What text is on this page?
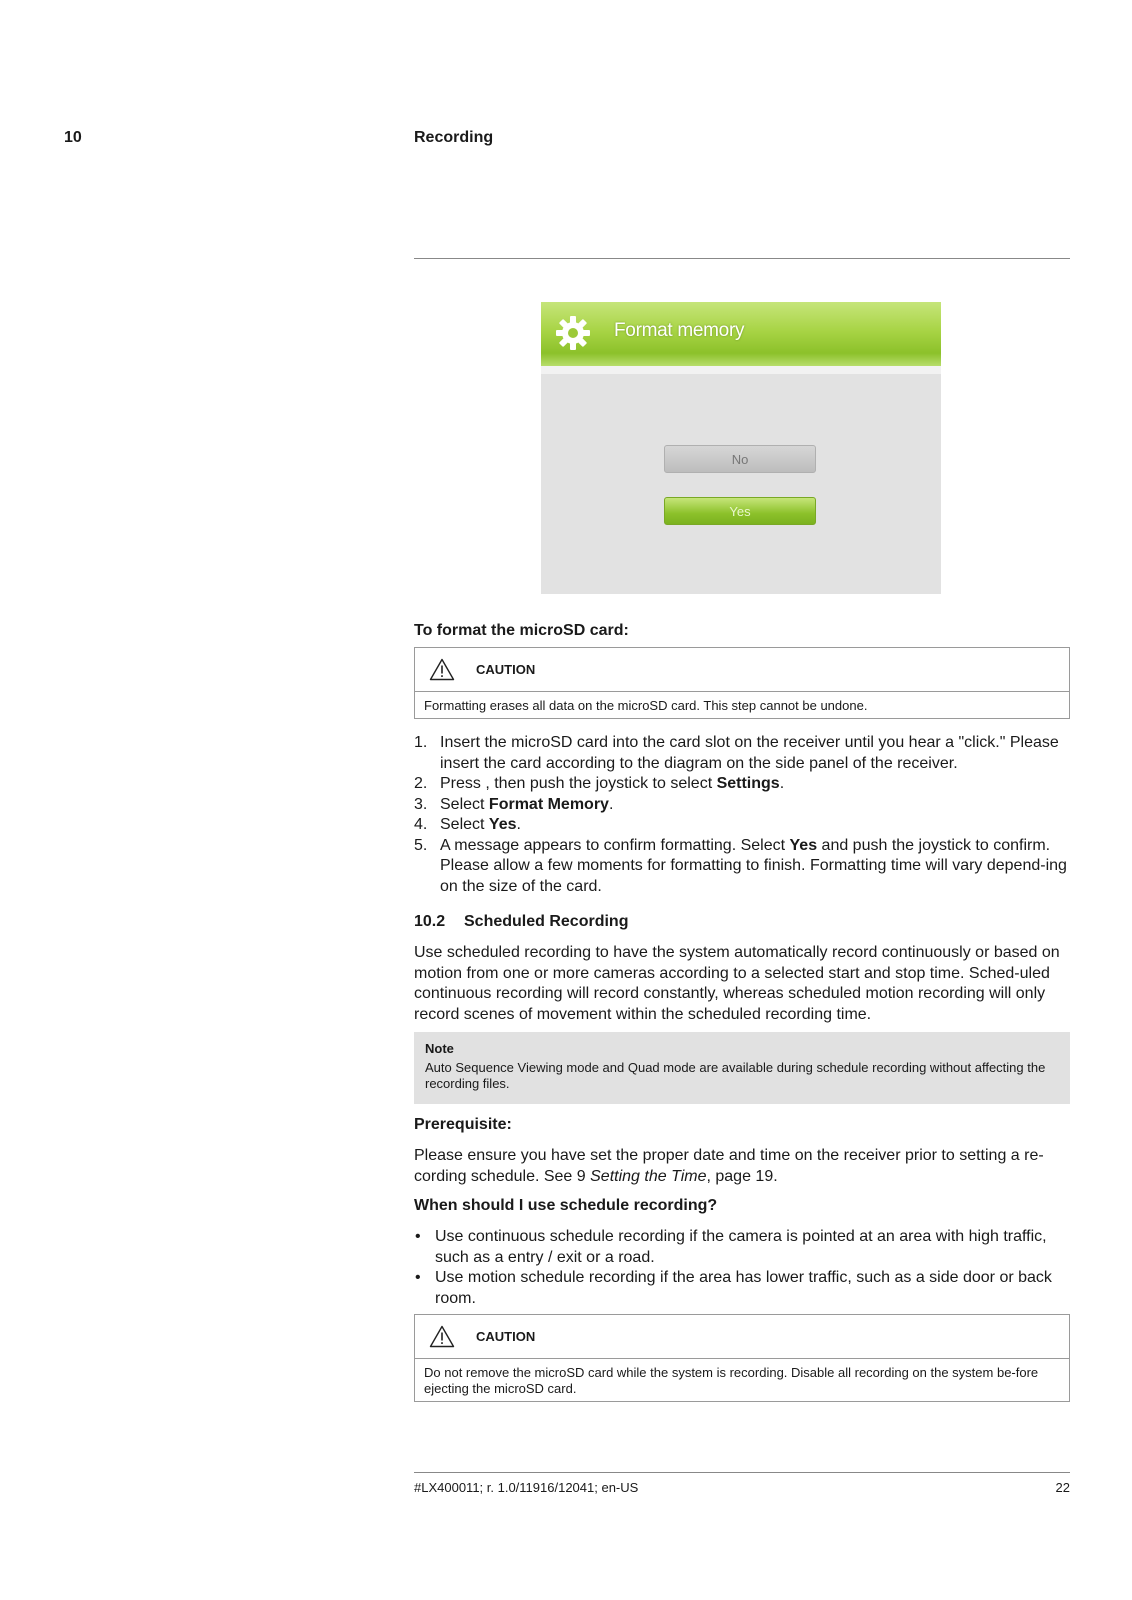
10	Recording
Format memory
No
Yes
To format the microSD card:
CAUTION
Formatting erases all data on the microSD card. This step cannot be undone.
1. Insert the microSD card into the card slot on the receiver until you hear a "click." Please insert the card according to the diagram on the side panel of the receiver.
2. Press , then push the joystick to select Settings.
3. Select Format Memory.
4. Select Yes.
5. A message appears to confirm formatting. Select Yes and push the joystick to confirm. Please allow a few moments for formatting to finish. Formatting time will vary depend-ing on the size of the card.
10.2 Scheduled Recording
Use scheduled recording to have the system automatically record continuously or based on motion from one or more cameras according to a selected start and stop time. Sched-uled continuous recording will record constantly, whereas scheduled motion recording will only record scenes of movement within the scheduled recording time.
Note
Auto Sequence Viewing mode and Quad mode are available during schedule recording without affecting the recording files.
Prerequisite:
Please ensure you have set the proper date and time on the receiver prior to setting a re-cording schedule. See 9 Setting the Time, page 19.
When should I use schedule recording?
• Use continuous schedule recording if the camera is pointed at an area with high traffic, such as a entry / exit or a road.
• Use motion schedule recording if the area has lower traffic, such as a side door or back room.
CAUTION
Do not remove the microSD card while the system is recording. Disable all recording on the system be-fore ejecting the microSD card.
#LX400011; r. 1.0/11916/12041; en-US	22
